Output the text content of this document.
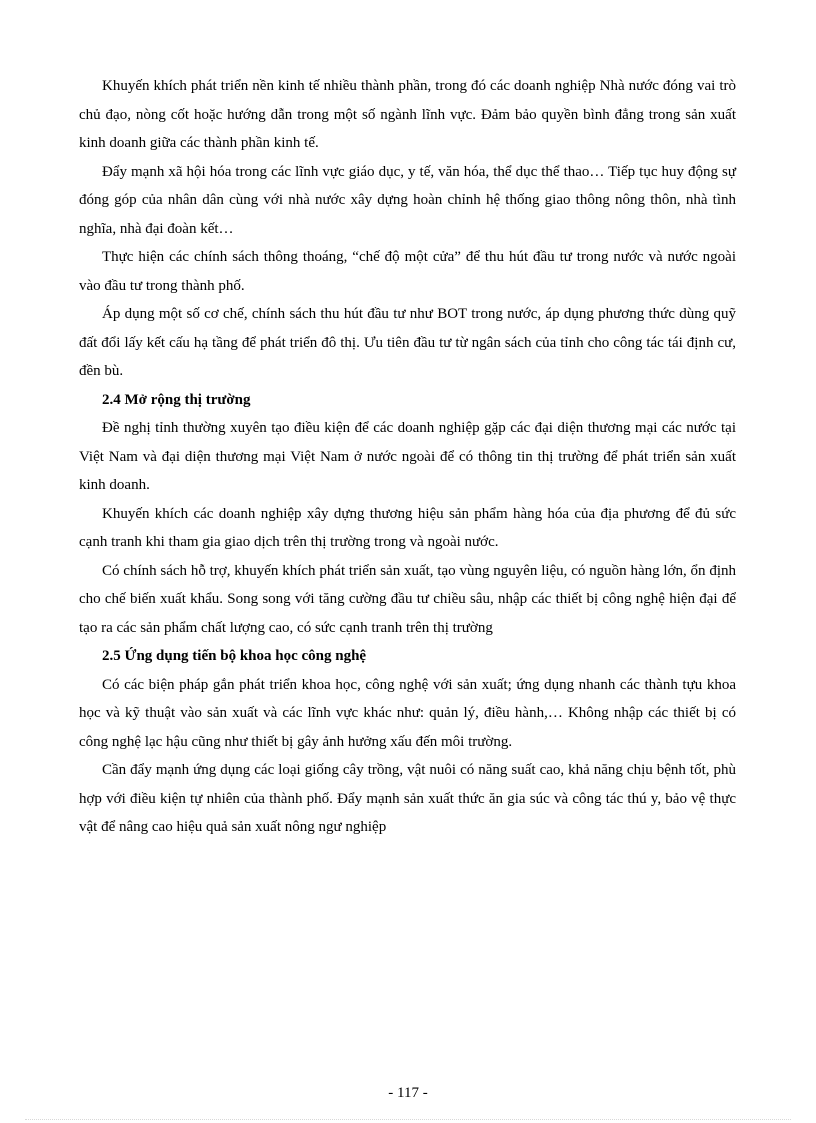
Khuyến khích phát triển nền kinh tế nhiều thành phần, trong đó các doanh nghiệp Nhà nước đóng vai trò chủ đạo, nòng cốt hoặc hướng dẫn trong một số ngành lĩnh vực. Đảm bảo quyền bình đẳng trong sản xuất kinh doanh giữa các thành phần kinh tế.

Đẩy mạnh xã hội hóa trong các lĩnh vực giáo dục, y tế, văn hóa, thể dục thể thao… Tiếp tục huy động sự đóng góp của nhân dân cùng với nhà nước xây dựng hoàn chỉnh hệ thống giao thông nông thôn, nhà tình nghĩa, nhà đại đoàn kết…

Thực hiện các chính sách thông thoáng, “chế độ một cửa” để thu hút đầu tư trong nước và nước ngoài vào đầu tư trong thành phố.

Áp dụng một số cơ chế, chính sách thu hút đầu tư như BOT trong nước, áp dụng phương thức dùng quỹ đất đổi lấy kết cấu hạ tầng để phát triển đô thị. Ưu tiên đầu tư từ ngân sách của tỉnh cho công tác tái định cư, đền bù.

2.4 Mở rộng thị trường

Đề nghị tỉnh thường xuyên tạo điều kiện để các doanh nghiệp gặp các đại diện thương mại các nước tại Việt Nam và đại diện thương mại Việt Nam ở nước ngoài để có thông tin thị trường để phát triển sản xuất kinh doanh.

Khuyến khích các doanh nghiệp xây dựng thương hiệu sản phẩm hàng hóa của địa phương để đủ sức cạnh tranh khi tham gia giao dịch trên thị trường trong và ngoài nước.

Có chính sách hỗ trợ, khuyến khích phát triển sản xuất, tạo vùng nguyên liệu, có nguồn hàng lớn, ổn định cho chế biến xuất khẩu. Song song với tăng cường đầu tư chiều sâu, nhập các thiết bị công nghệ hiện đại để tạo ra các sản phẩm chất lượng cao, có sức cạnh tranh trên thị trường

2.5 Ứng dụng tiến bộ khoa học công nghệ

Có các biện pháp gắn phát triển khoa học, công nghệ với sản xuất; ứng dụng nhanh các thành tựu khoa học và kỹ thuật vào sản xuất và các lĩnh vực khác như: quản lý, điều hành,… Không nhập các thiết bị có công nghệ lạc hậu cũng như thiết bị gây ảnh hưởng xấu đến môi trường.

Cần đẩy mạnh ứng dụng các loại giống cây trồng, vật nuôi có năng suất cao, khả năng chịu bệnh tốt, phù hợp với điều kiện tự nhiên của thành phố. Đẩy mạnh sản xuất thức ăn gia súc và công tác thú y, bảo vệ thực vật để nâng cao hiệu quả sản xuất nông ngư nghiệp

- 117 -
